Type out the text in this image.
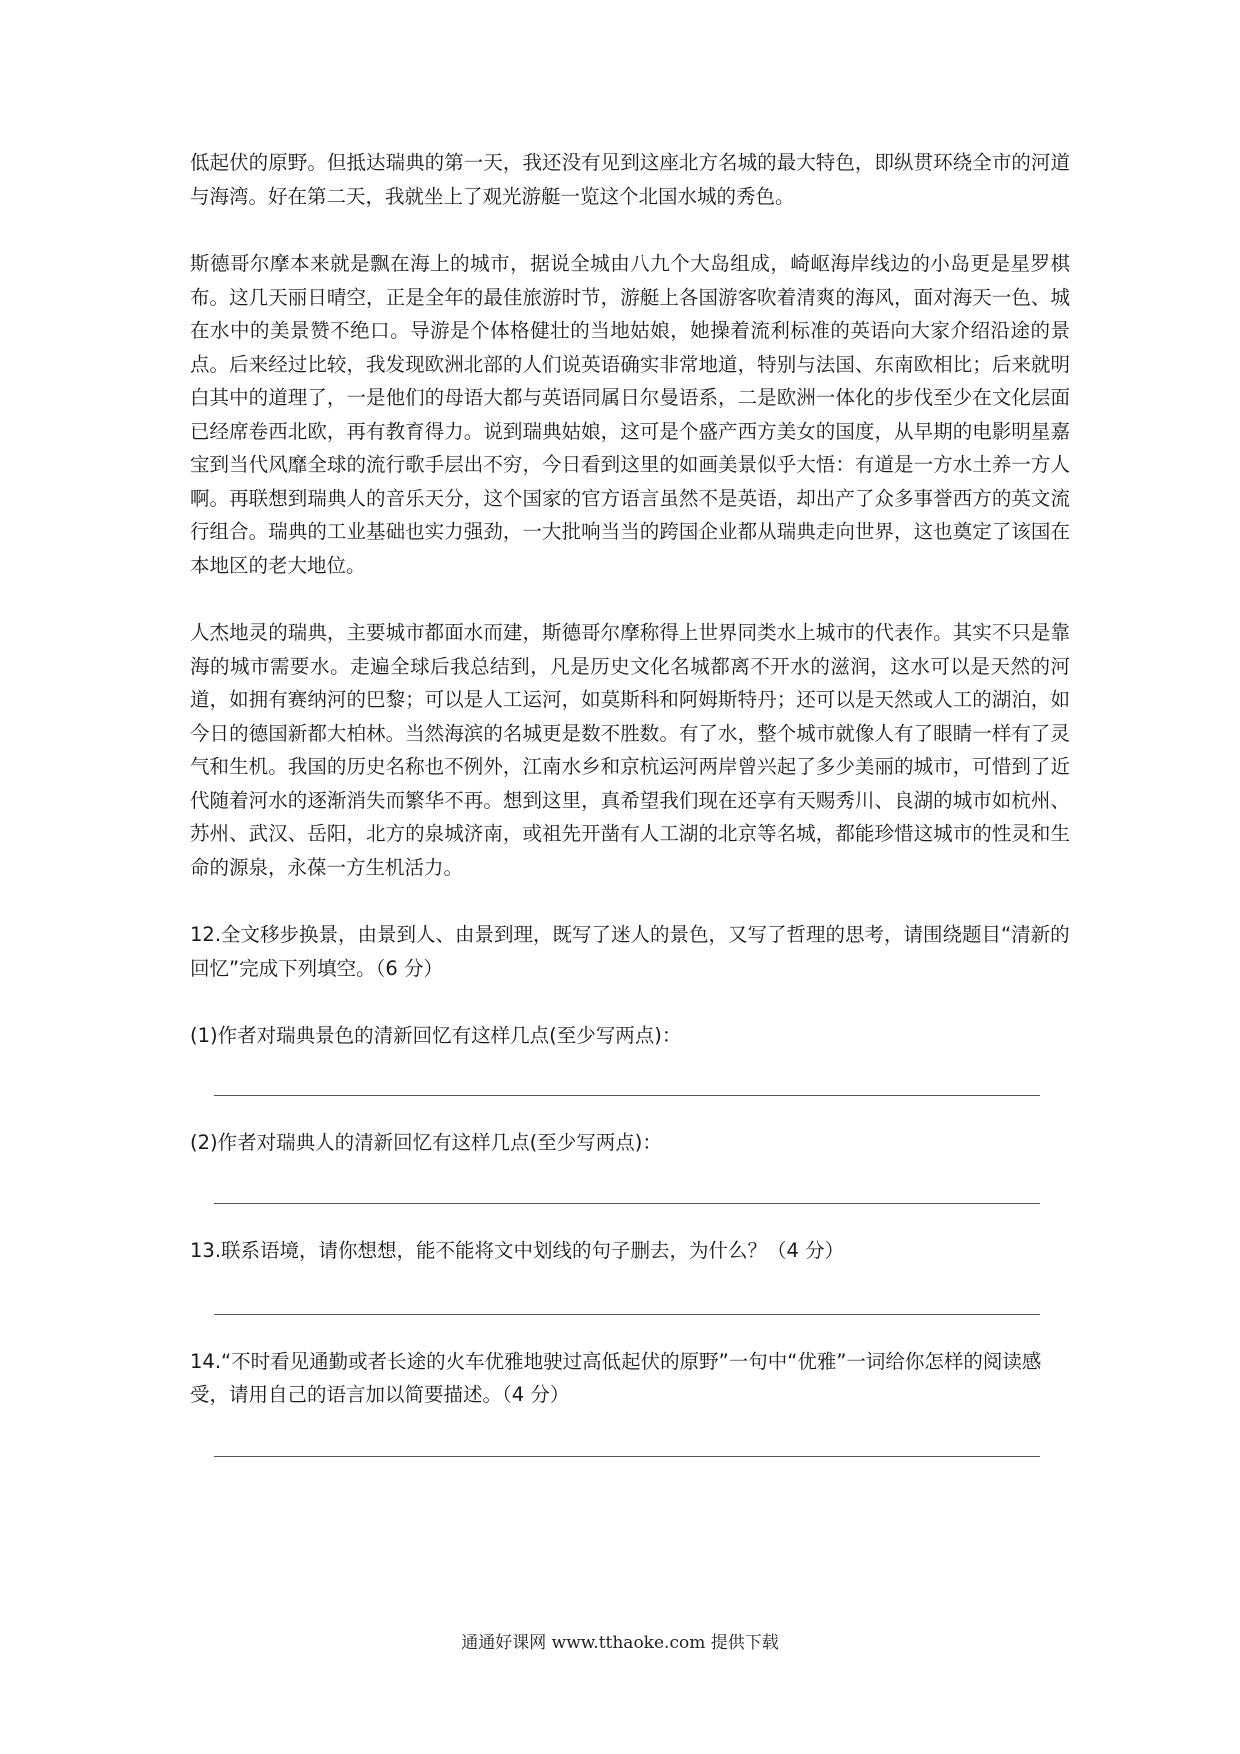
低起伏的原野。但抵达瑞典的第一天，我还没有见到这座北方名城的最大特色，即纵贯环绕全市的河道与海湾。好在第二天，我就坐上了观光游艇一览这个北国水城的秀色。

斯德哥尔摩本来就是飘在海上的城市，据说全城由八九个大岛组成，崎岖海岸线边的小岛更是星罗棋布。这几天丽日晴空，正是全年的最佳旅游时节，游艇上各国游客吹着清爽的海风，面对海天一色、城在水中的美景赞不绝口。导游是个体格健壮的当地姑娘，她操着流利标准的英语向大家介绍沿途的景点。后来经过比较，我发现欧洲北部的人们说英语确实非常地道，特别与法国、东南欧相比；后来就明白其中的道理了，一是他们的母语大都与英语同属日尔曼语系，二是欧洲一体化的步伐至少在文化层面已经席卷西北欧，再有教育得力。说到瑞典姑娘，这可是个盛产西方美女的国度，从早期的电影明星嘉宝到当代风靡全球的流行歌手层出不穷，今日看到这里的如画美景似乎大悟：有道是一方水土养一方人啊。再联想到瑞典人的音乐天分，这个国家的官方语言虽然不是英语，却出产了众多事誉西方的英文流行组合。瑞典的工业基础也实力强劲，一大批响当当的跨国企业都从瑞典走向世界，这也奠定了该国在本地区的老大地位。

人杰地灵的瑞典，主要城市都面水而建，斯德哥尔摩称得上世界同类水上城市的代表作。其实不只是靠海的城市需要水。走遍全球后我总结到，凡是历史文化名城都离不开水的滋润，这水可以是天然的河道，如拥有赛纳河的巴黎；可以是人工运河，如莫斯科和阿姆斯特丹；还可以是天然或人工的湖泊，如今日的德国新都大柏林。当然海滨的名城更是数不胜数。有了水，整个城市就像人有了眼睛一样有了灵气和生机。我国的历史名称也不例外，江南水乡和京杭运河两岸曾兴起了多少美丽的城市，可惜到了近代随着河水的逐渐消失而繁华不再。想到这里，真希望我们现在还享有天赐秀川、良湖的城市如杭州、苏州、武汉、岳阳，北方的泉城济南，或祖先开凿有人工湖的北京等名城，都能珍惜这城市的性灵和生命的源泉，永葆一方生机活力。

12.全文移步换景，由景到人、由景到理，既写了迷人的景色，又写了哲理的思考，请围绕题目“清新的回忆”完成下列填空。（6 分）

(1)作者对瑞典景色的清新回忆有这样几点(至少写两点)：

(2)作者对瑞典人的清新回忆有这样几点(至少写两点)：

13.联系语境，请你想想，能不能将文中划线的句子删去，为什么？（4 分）

14.“不时看见通勤或者长途的火车优雅地驶过高低起伏的原野”一句中“优雅”一词给你怎样的阅读感受，请用自己的语言加以简要描述。（4 分）

通通好课网 www.tthaoke.com 提供下载
